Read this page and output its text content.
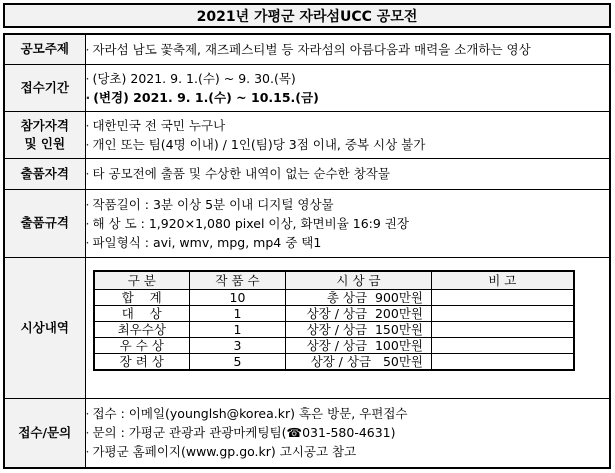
2021년 가평군 자라섬UCC 공모전
공모주제	
·자라섬 남도 꽃축제, 재즈페스티벌 등 자라섬의 아름다움과 매력을 소개하는 영상

접수기간	
· (당초) 2021. 9. 1.(수) ~ 9. 30.(목)
· (변경) 2021. 9. 1.(수) ~ 10.15.(금)

참가자격
및 인원

· 대한민국 전 국민 누구나
· 개인 또는 팀(4명 이내) / 1인(팀)당 3점 이내, 중복 시상 불가

출품자격	
·타 공모전에 출품 및 수상한 내역이 없는 순수한 창작물

출품규격	
· 작품길이 : 3분 이상 5분 이내 디지털 영상물
· 해 상 도 : 1,920×1,080 pixel 이상, 화면비율 16:9 권장
· 파일형식 : avi, wmv, mpg, mp4 중 택1

시상내역	
구 분	작 품 수	시 상 금	비 고
합    계	10	총 상금  900만원	
대    상	1	상장 / 상금  200만원	
최우수상	1	상장 / 상금  150만원	
우 수 상	3	상장 / 상금  100만원	
장 려 상	5	상장 / 상금   50만원	

접수/문의	
· 접수 : 이메일(younglsh@korea.kr) 혹은 방문, 우편접수
· 문의 : 가평군 관광과 관광마케팅팀(☎031-580-4631)
· 가평군 홈페이지(www.gp.go.kr) 고시공고 참고
